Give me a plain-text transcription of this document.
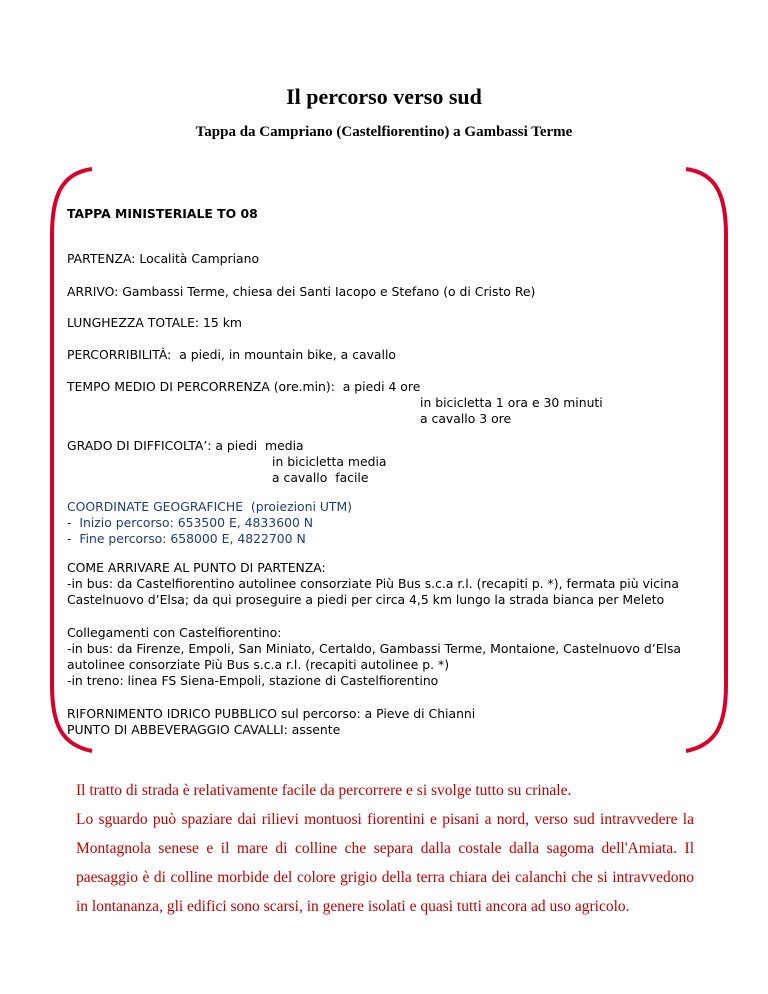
Il percorso verso sud
Tappa da Campriano (Castelfiorentino) a Gambassi Terme
TAPPA MINISTERIALE TO 08
PARTENZA: Località Campriano
ARRIVO: Gambassi Terme, chiesa dei Santi Iacopo e Stefano (o di Cristo Re)
LUNGHEZZA TOTALE: 15 km
PERCORRIBILITÀ:  a piedi, in mountain bike, a cavallo
TEMPO MEDIO DI PERCORRENZA (ore.min):  a piedi 4 ore
in bicicletta 1 ora e 30 minuti
a cavallo 3 ore
GRADO DI DIFFICOLTA’: a piedi  media
in bicicletta media
a cavallo  facile
COORDINATE GEOGRAFICHE  (proiezioni UTM)
-  Inizio percorso: 653500 E, 4833600 N
-  Fine percorso: 658000 E, 4822700 N
COME ARRIVARE AL PUNTO DI PARTENZA:
-in bus: da Castelfiorentino autolinee consorziate Più Bus s.c.a r.l. (recapiti p. *), fermata più vicina
Castelnuovo d’Elsa; da qui proseguire a piedi per circa 4,5 km lungo la strada bianca per Meleto
Collegamenti con Castelfiorentino:
-in bus: da Firenze, Empoli, San Miniato, Certaldo, Gambassi Terme, Montaione, Castelnuovo d’Elsa
autolinee consorziate Più Bus s.c.a r.l. (recapiti autolinee p. *)
-in treno: linea FS Siena-Empoli, stazione di Castelfiorentino
RIFORNIMENTO IDRICO PUBBLICO sul percorso: a Pieve di Chianni
PUNTO DI ABBEVERAGGIO CAVALLI: assente

Il tratto di strada è relativamente facile da percorrere e si svolge tutto su crinale.

Lo sguardo può spaziare dai rilievi montuosi fiorentini e pisani a nord, verso sud intravvedere la Montagnola senese e il mare di colline che separa dalla costale dalla sagoma dell'Amiata. Il paesaggio è di colline morbide del colore grigio della terra chiara dei calanchi che si intravvedono in lontananza, gli edifici sono scarsi, in genere isolati e quasi tutti ancora ad uso agricolo.
